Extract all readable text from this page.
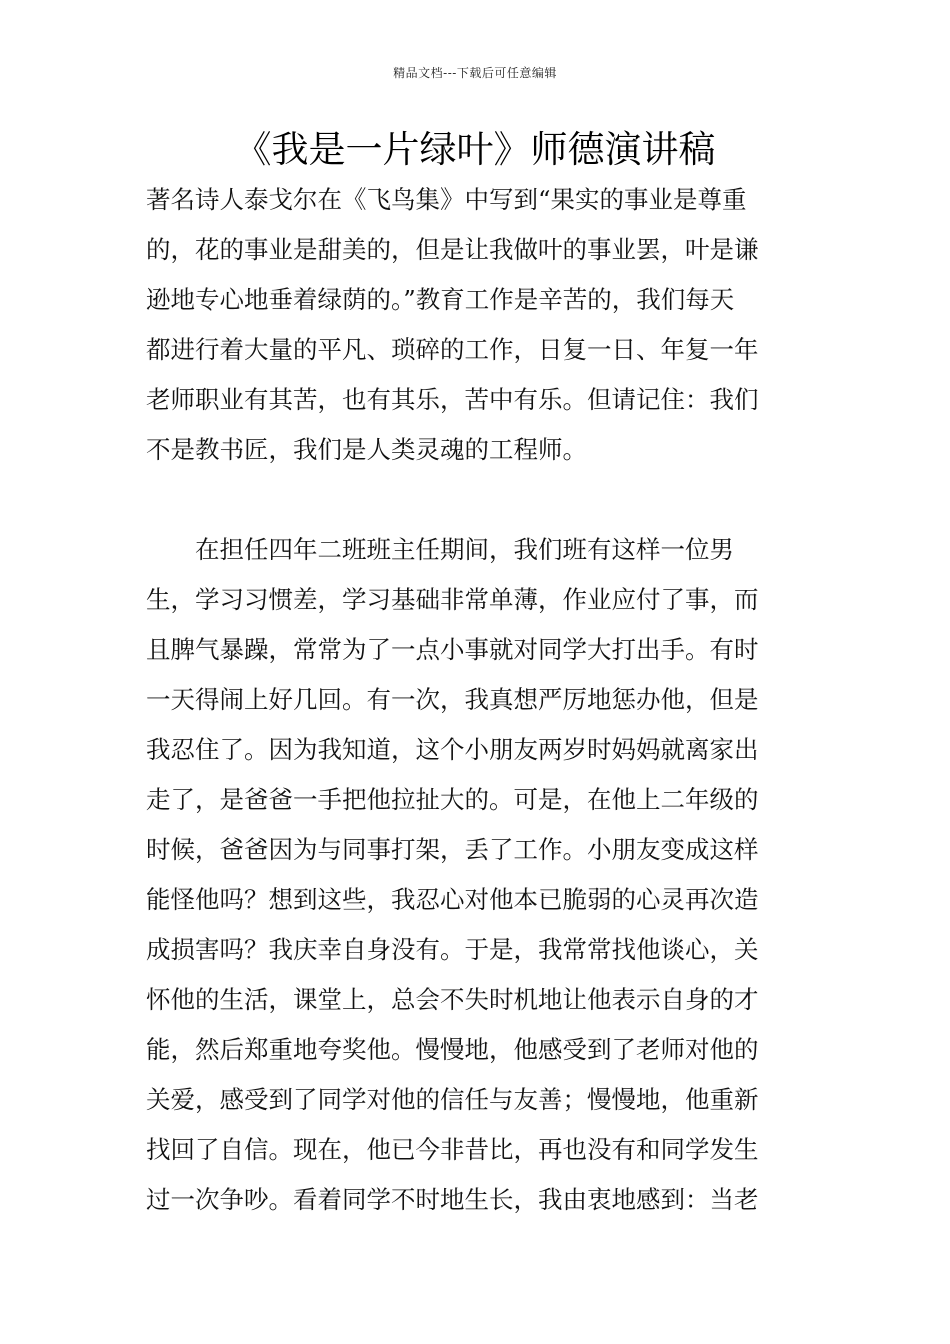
精品文档---下载后可任意编辑
《我是一片绿叶》师德演讲稿
著名诗人泰戈尔在《飞鸟集》中写到“果实的事业是尊重
的，花的事业是甜美的，但是让我做叶的事业罢，叶是谦
逊地专心地垂着绿荫的。”教育工作是辛苦的，我们每天
都进行着大量的平凡、琐碎的工作，日复一日、年复一年
老师职业有其苦，也有其乐，苦中有乐。但请记住：我们
不是教书匠，我们是人类灵魂的工程师。
　　在担任四年二班班主任期间，我们班有这样一位男
生，学习习惯差，学习基础非常单薄，作业应付了事，而
且脾气暴躁，常常为了一点小事就对同学大打出手。有时
一天得闹上好几回。有一次，我真想严厉地惩办他，但是
我忍住了。因为我知道，这个小朋友两岁时妈妈就离家出
走了，是爸爸一手把他拉扯大的。可是，在他上二年级的
时候，爸爸因为与同事打架，丢了工作。小朋友变成这样
能怪他吗？想到这些，我忍心对他本已脆弱的心灵再次造
成损害吗？我庆幸自身没有。于是，我常常找他谈心，关
怀他的生活，课堂上，总会不失时机地让他表示自身的才
能，然后郑重地夸奖他。慢慢地，他感受到了老师对他的
关爱，感受到了同学对他的信任与友善；慢慢地，他重新
找回了自信。现在，他已今非昔比，再也没有和同学发生
过一次争吵。看着同学不时地生长，我由衷地感到：当老
